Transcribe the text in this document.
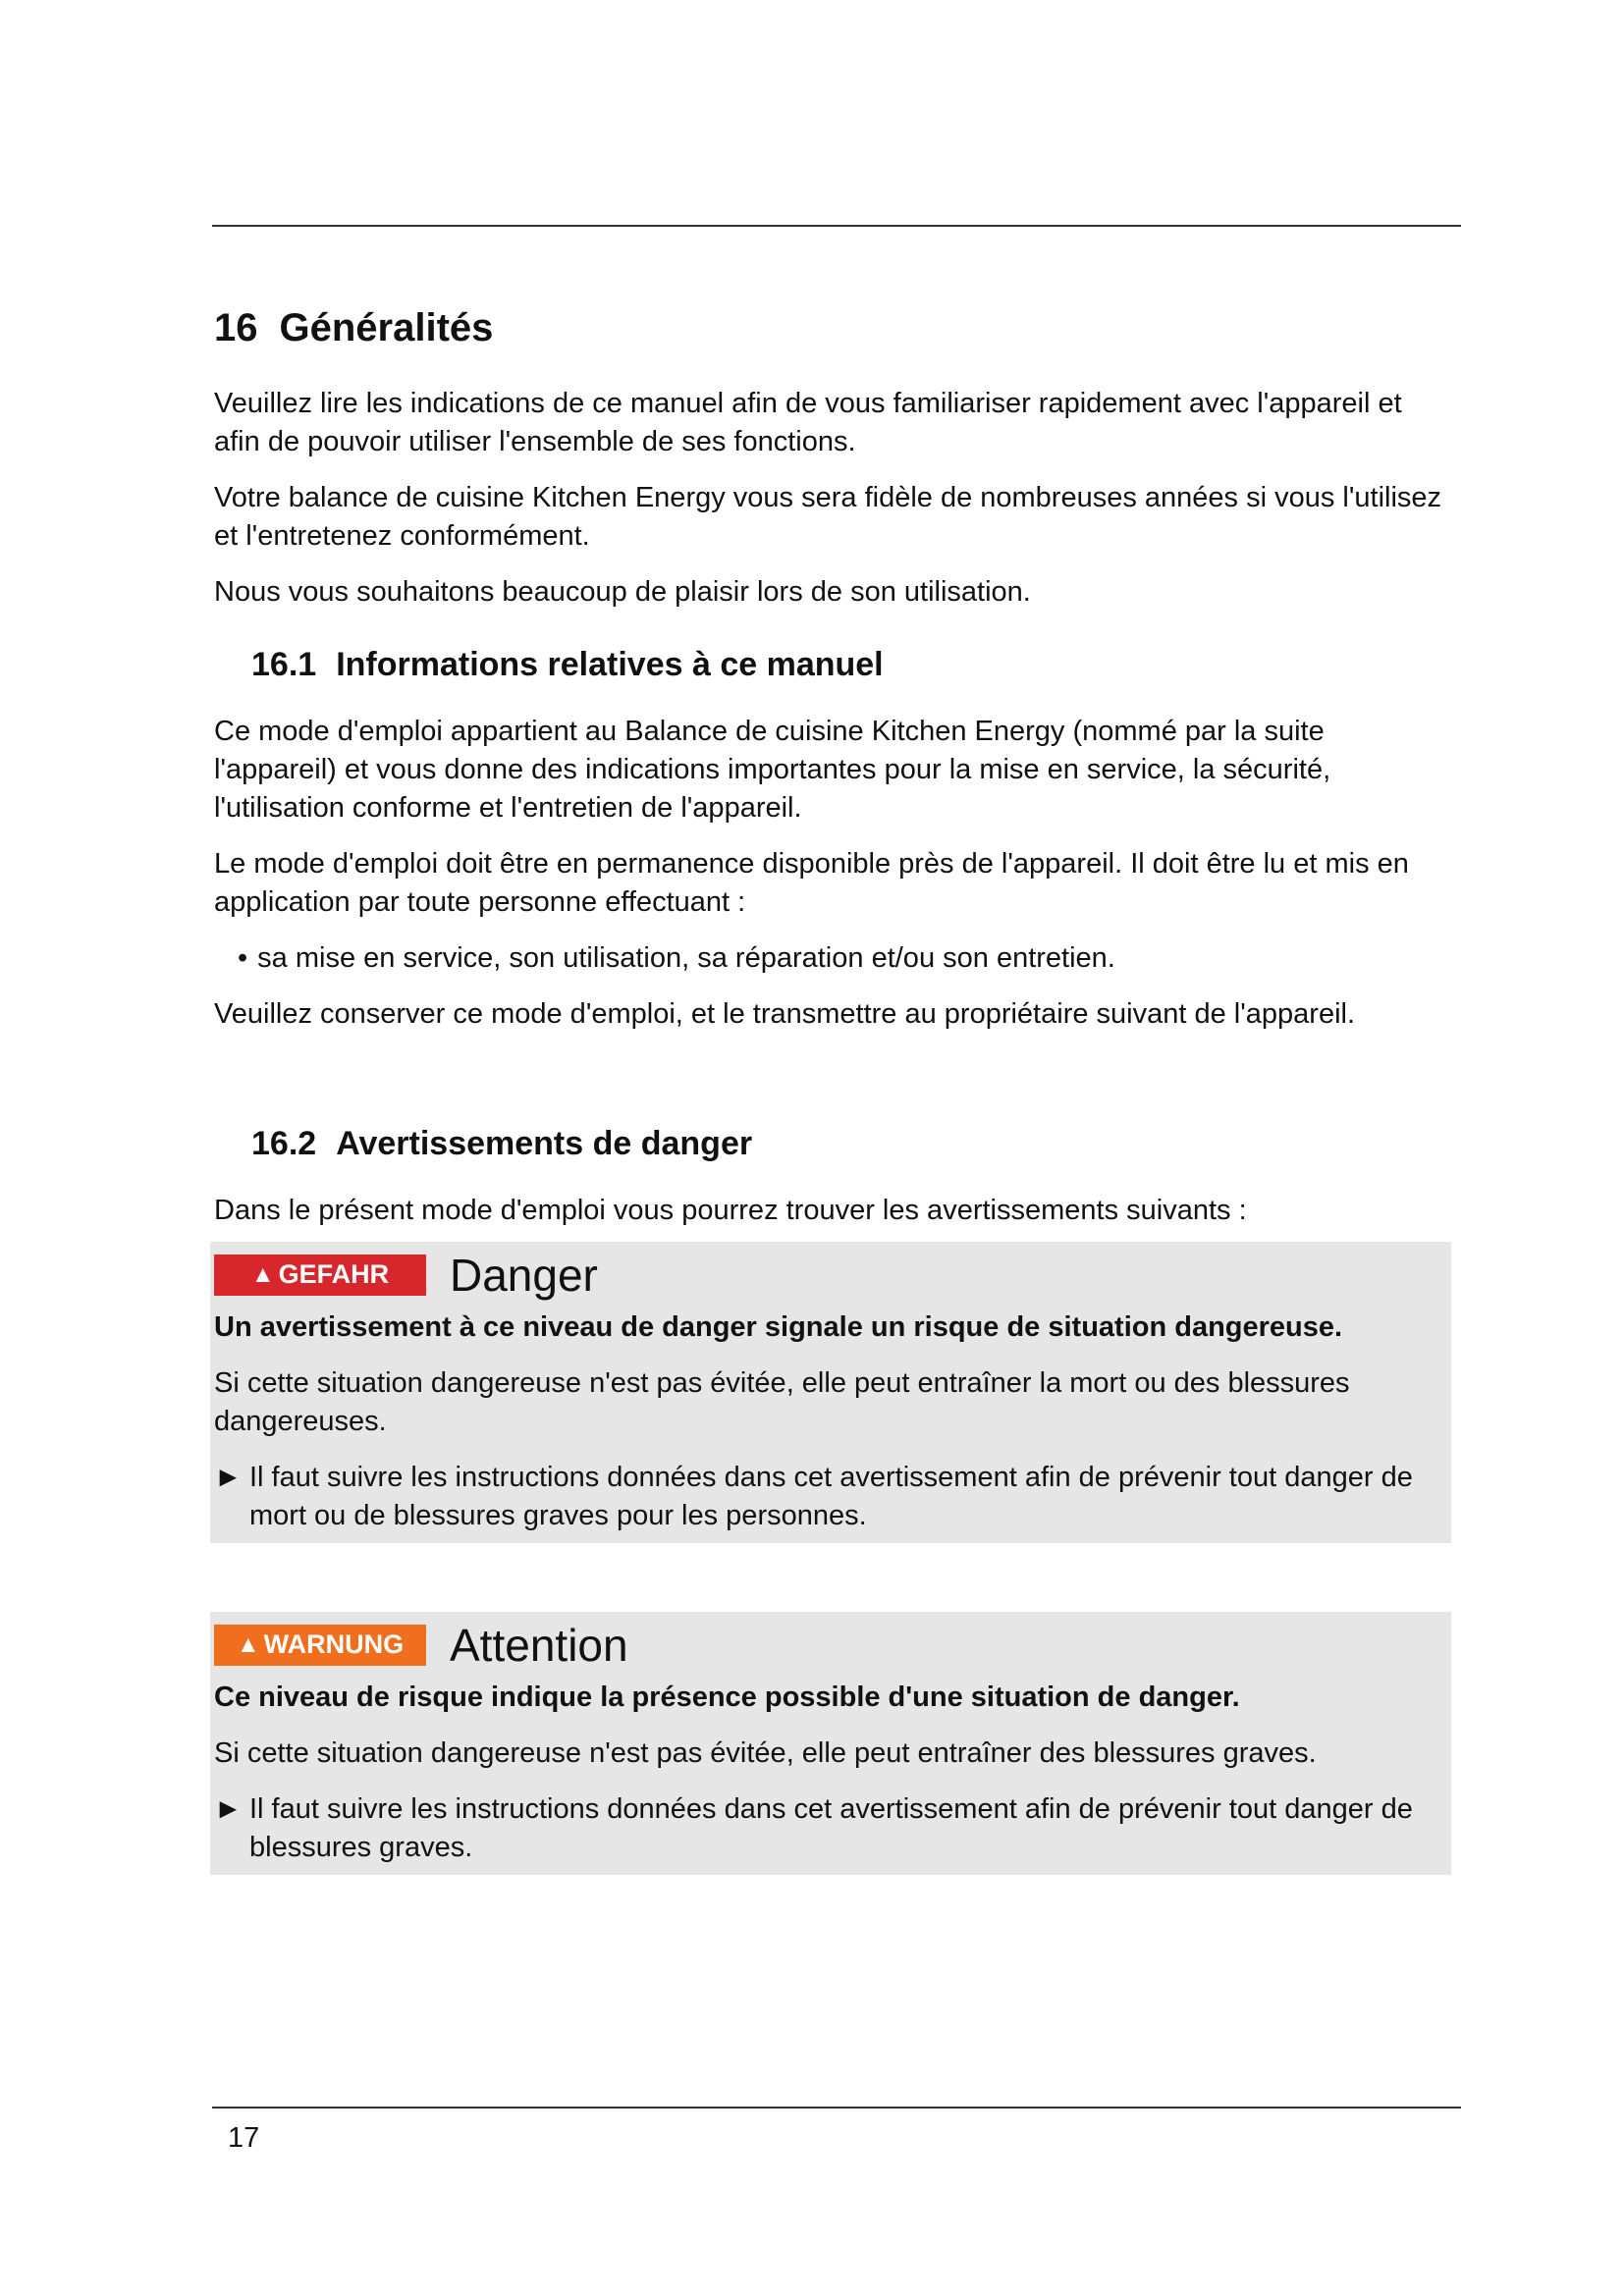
16 Généralités

Veuillez lire les indications de ce manuel afin de vous familiariser rapidement avec l'appareil et afin de pouvoir utiliser l'ensemble de ses fonctions.

Votre balance de cuisine Kitchen Energy vous sera fidèle de nombreuses années si vous l'utilisez et l'entretenez conformément.

Nous vous souhaitons beaucoup de plaisir lors de son utilisation.

16.1 Informations relatives à ce manuel

Ce mode d'emploi appartient au Balance de cuisine Kitchen Energy (nommé par la suite l'appareil) et vous donne des indications importantes pour la mise en service, la sécurité, l'utilisation conforme et l'entretien de l'appareil.

Le mode d'emploi doit être en permanence disponible près de l'appareil. Il doit être lu et mis en application par toute personne effectuant :

• sa mise en service, son utilisation, sa réparation et/ou son entretien.

Veuillez conserver ce mode d'emploi, et le transmettre au propriétaire suivant de l'appareil.

16.2 Avertissements de danger

Dans le présent mode d'emploi vous pourrez trouver les avertissements suivants :

▲ GEFAHR Danger

Un avertissement à ce niveau de danger signale un risque de situation dangereuse.

Si cette situation dangereuse n'est pas évitée, elle peut entraîner la mort ou des blessures dangereuses.

► Il faut suivre les instructions données dans cet avertissement afin de prévenir tout danger de mort ou de blessures graves pour les personnes.
▲ WARNUNG Attention

Ce niveau de risque indique la présence possible d'une situation de danger.

Si cette situation dangereuse n'est pas évitée, elle peut entraîner des blessures graves.

► Il faut suivre les instructions données dans cet avertissement afin de prévenir tout danger de blessures graves.
17
